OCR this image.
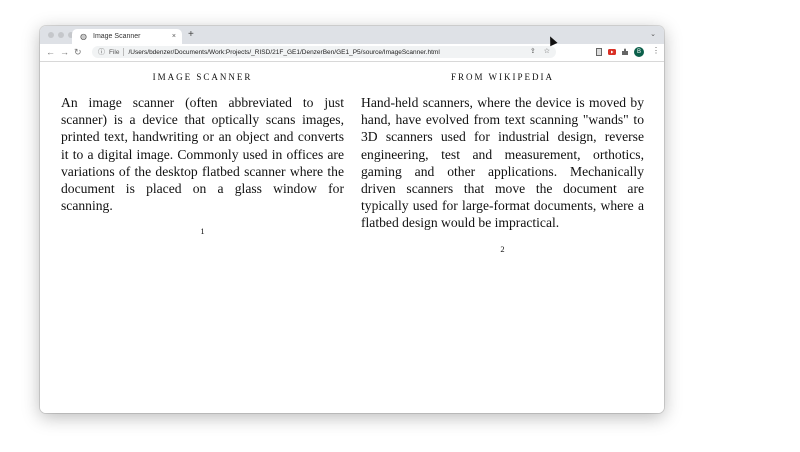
◍ Image Scanner	× +	⌄
← → ↻ ⓘ File /Users/bdenzer/Documents/Work:Projects/_RISD/21F_GE1/DenzerBen/GE1_P5/source/ImageScanner.html	⇪ ☆	B	⋮
IMAGE SCANNER

An image scanner (often abbreviated to just scanner) is a device that optically scans images, printed text, handwriting or an object and converts it to a digital image. Commonly used in offices are variations of the desktop flatbed scanner where the document is placed on a glass window for scanning.

1
FROM WIKIPEDIA

Hand-held scanners, where the device is moved by hand, have evolved from text scanning "wands" to 3D scanners used for industrial design, reverse engineering, test and measurement, orthotics, gaming and other applications. Mechanically driven scanners that move the document are typically used for large-format documents, where a flatbed design would be impractical.

2
